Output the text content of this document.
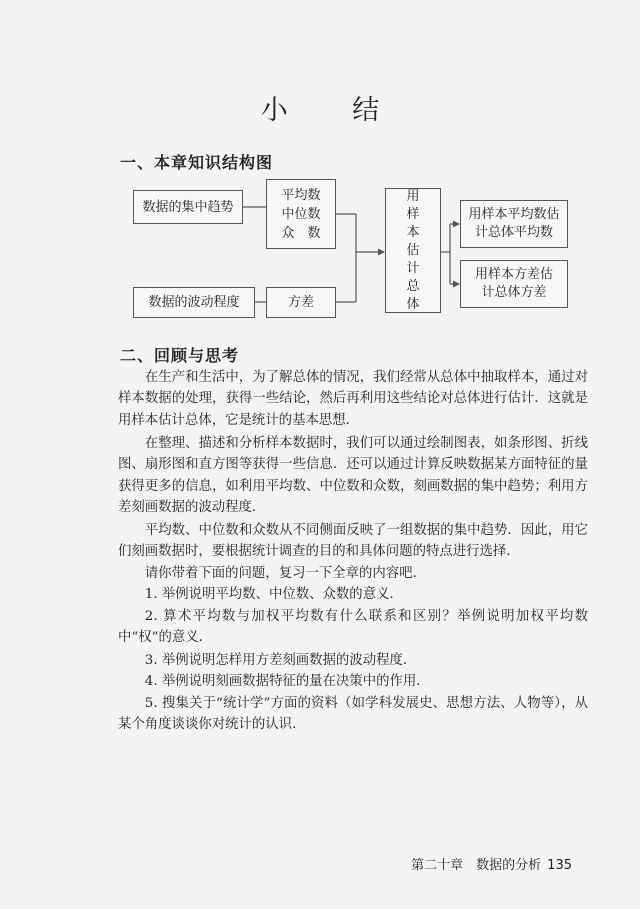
小 结
一、本章知识结构图
数据的集中趋势
数据的波动程度
平均数
中位数
众　数
方差
用
样
本
估
计
总
体
用样本平均数估
计总体平均数
用样本方差估
计总体方差
二、回顾与思考

在生产和生活中，为了解总体的情况，我们经常从总体中抽取样本，通过对样本数据的处理，获得一些结论，然后再利用这些结论对总体进行估计．这就是用样本估计总体，它是统计的基本思想．

在整理、描述和分析样本数据时，我们可以通过绘制图表，如条形图、折线图、扇形图和直方图等获得一些信息．还可以通过计算反映数据某方面特征的量获得更多的信息，如利用平均数、中位数和众数，刻画数据的集中趋势；利用方差刻画数据的波动程度．

平均数、中位数和众数从不同侧面反映了一组数据的集中趋势．因此，用它们刻画数据时，要根据统计调查的目的和具体问题的特点进行选择．

请你带着下面的问题，复习一下全章的内容吧．

1. 举例说明平均数、中位数、众数的意义．

2. 算术平均数与加权平均数有什么联系和区别？举例说明加权平均数中“权”的意义．

3. 举例说明怎样用方差刻画数据的波动程度．

4. 举例说明刻画数据特征的量在决策中的作用．

5. 搜集关于“统计学”方面的资料（如学科发展史、思想方法、人物等），从某个角度谈谈你对统计的认识．

第二十章　数据的分析 135
